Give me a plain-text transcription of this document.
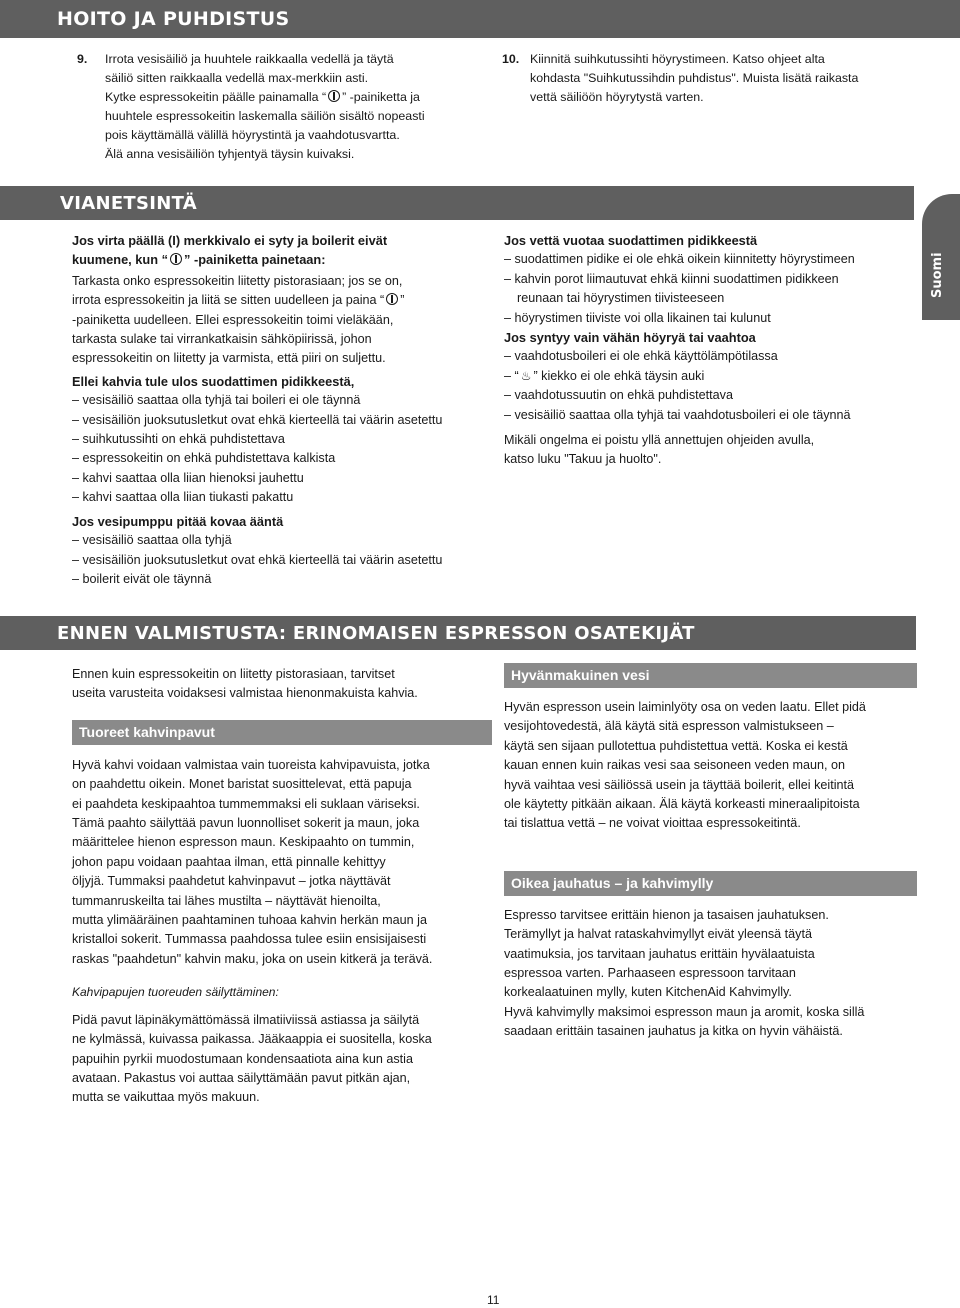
HOITO JA PUHDISTUS
VIANETSINTÄ
ENNEN VALMISTUSTA: ERINOMAISEN ESPRESSON OSATEKIJÄT
Suomi
9.	Irrota vesisäiliö ja huuhtele raikkaalla vedellä ja täytä

säiliö sitten raikkaalla vedellä max-merkkiin asti.

Kytke espressokeitin päälle painamalla “ ” -painiketta ja

huuhtele espressokeitin laskemalla säiliön sisältö nopeasti

pois käyttämällä välillä höyrystintä ja vaahdotusvartta.

Älä anna vesisäiliön tyhjentyä täysin kuivaksi.

10. Kiinnitä suihkutussihti höyrystimeen. Katso ohjeet alta

kohdasta "Suihkutussihdin puhdistus". Muista lisätä raikasta

vettä säiliöön höyrytystä varten.

Jos virta päällä (I) merkkivalo ei syty ja boilerit eivät

kuumene, kun “ ” -painiketta painetaan:

Tarkasta onko espressokeitin liitetty pistorasiaan; jos se on,

irrota espressokeitin ja liitä se sitten uudelleen ja paina “ ”

-painiketta uudelleen. Ellei espressokeitin toimi vieläkään,

tarkasta sulake tai virrankatkaisin sähköpiirissä, johon

espressokeitin on liitetty ja varmista, että piiri on suljettu.

Ellei kahvia tule ulos suodattimen pidikkeestä,

– vesisäiliö saattaa olla tyhjä tai boileri ei ole täynnä

– vesisäiliön juoksutusletkut ovat ehkä kierteellä tai väärin asetettu

– suihkutussihti on ehkä puhdistettava

– espressokeitin on ehkä puhdistettava kalkista

– kahvi saattaa olla liian hienoksi jauhettu

– kahvi saattaa olla liian tiukasti pakattu

Jos vesipumppu pitää kovaa ääntä

– vesisäiliö saattaa olla tyhjä

– vesisäiliön juoksutusletkut ovat ehkä kierteellä tai väärin asetettu

– boilerit eivät ole täynnä

Jos vettä vuotaa suodattimen pidikkeestä

– suodattimen pidike ei ole ehkä oikein kiinnitetty höyrystimeen

– kahvin porot liimautuvat ehkä kiinni suodattimen pidikkeen

reunaan tai höyrystimen tiivisteeseen

– höyrystimen tiiviste voi olla likainen tai kulunut

Jos syntyy vain vähän höyryä tai vaahtoa

– vaahdotusboileri ei ole ehkä käyttölämpötilassa

– “ ♨ ” kiekko ei ole ehkä täysin auki

– vaahdotussuutin on ehkä puhdistettava

– vesisäiliö saattaa olla tyhjä tai vaahdotusboileri ei ole täynnä

Mikäli ongelma ei poistu yllä annettujen ohjeiden avulla,

katso luku "Takuu ja huolto".

Ennen kuin espressokeitin on liitetty pistorasiaan, tarvitset

useita varusteita voidaksesi valmistaa hienonmakuista kahvia.

Tuoreet kahvinpavut

Hyvä kahvi voidaan valmistaa vain tuoreista kahvipavuista, jotka

on paahdettu oikein. Monet baristat suosittelevat, että papuja

ei paahdeta keskipaahtoa tummemmaksi eli suklaan väriseksi.

Tämä paahto säilyttää pavun luonnolliset sokerit ja maun, joka

määrittelee hienon espresson maun. Keskipaahto on tummin,

johon papu voidaan paahtaa ilman, että pinnalle kehittyy

öljyjä. Tummaksi paahdetut kahvinpavut – jotka näyttävät

tummanruskeilta tai lähes mustilta – näyttävät hienoilta,

mutta ylimääräinen paahtaminen tuhoaa kahvin herkän maun ja

kristalloi sokerit. Tummassa paahdossa tulee esiin ensisijaisesti

raskas "paahdetun" kahvin maku, joka on usein kitkerä ja terävä.

Kahvipapujen tuoreuden säilyttäminen:

Pidä pavut läpinäkymättömässä ilmatiiviissä astiassa ja säilytä

ne kylmässä, kuivassa paikassa. Jääkaappia ei suositella, koska

papuihin pyrkii muodostumaan kondensaatiota aina kun astia

avataan. Pakastus voi auttaa säilyttämään pavut pitkän ajan,

mutta se vaikuttaa myös makuun.

Hyvänmakuinen vesi

Hyvän espresson usein laiminlyöty osa on veden laatu. Ellet pidä

vesijohtovedestä, älä käytä sitä espresson valmistukseen –

käytä sen sijaan pullotettua puhdistettua vettä. Koska ei kestä

kauan ennen kuin raikas vesi saa seisoneen veden maun, on

hyvä vaihtaa vesi säiliössä usein ja täyttää boilerit, ellei keitintä

ole käytetty pitkään aikaan. Älä käytä korkeasti mineraalipitoista

tai tislattua vettä – ne voivat vioittaa espressokeitintä.

Oikea jauhatus – ja kahvimylly

Espresso tarvitsee erittäin hienon ja tasaisen jauhatuksen.

Terämyllyt ja halvat rataskahvimyllyt eivät yleensä täytä

vaatimuksia, jos tarvitaan jauhatus erittäin hyvälaatuista

espressoa varten. Parhaaseen espressoon tarvitaan

korkealaatuinen mylly, kuten KitchenAid Kahvimylly.

Hyvä kahvimylly maksimoi espresson maun ja aromit, koska sillä

saadaan erittäin tasainen jauhatus ja kitka on hyvin vähäistä.

11
